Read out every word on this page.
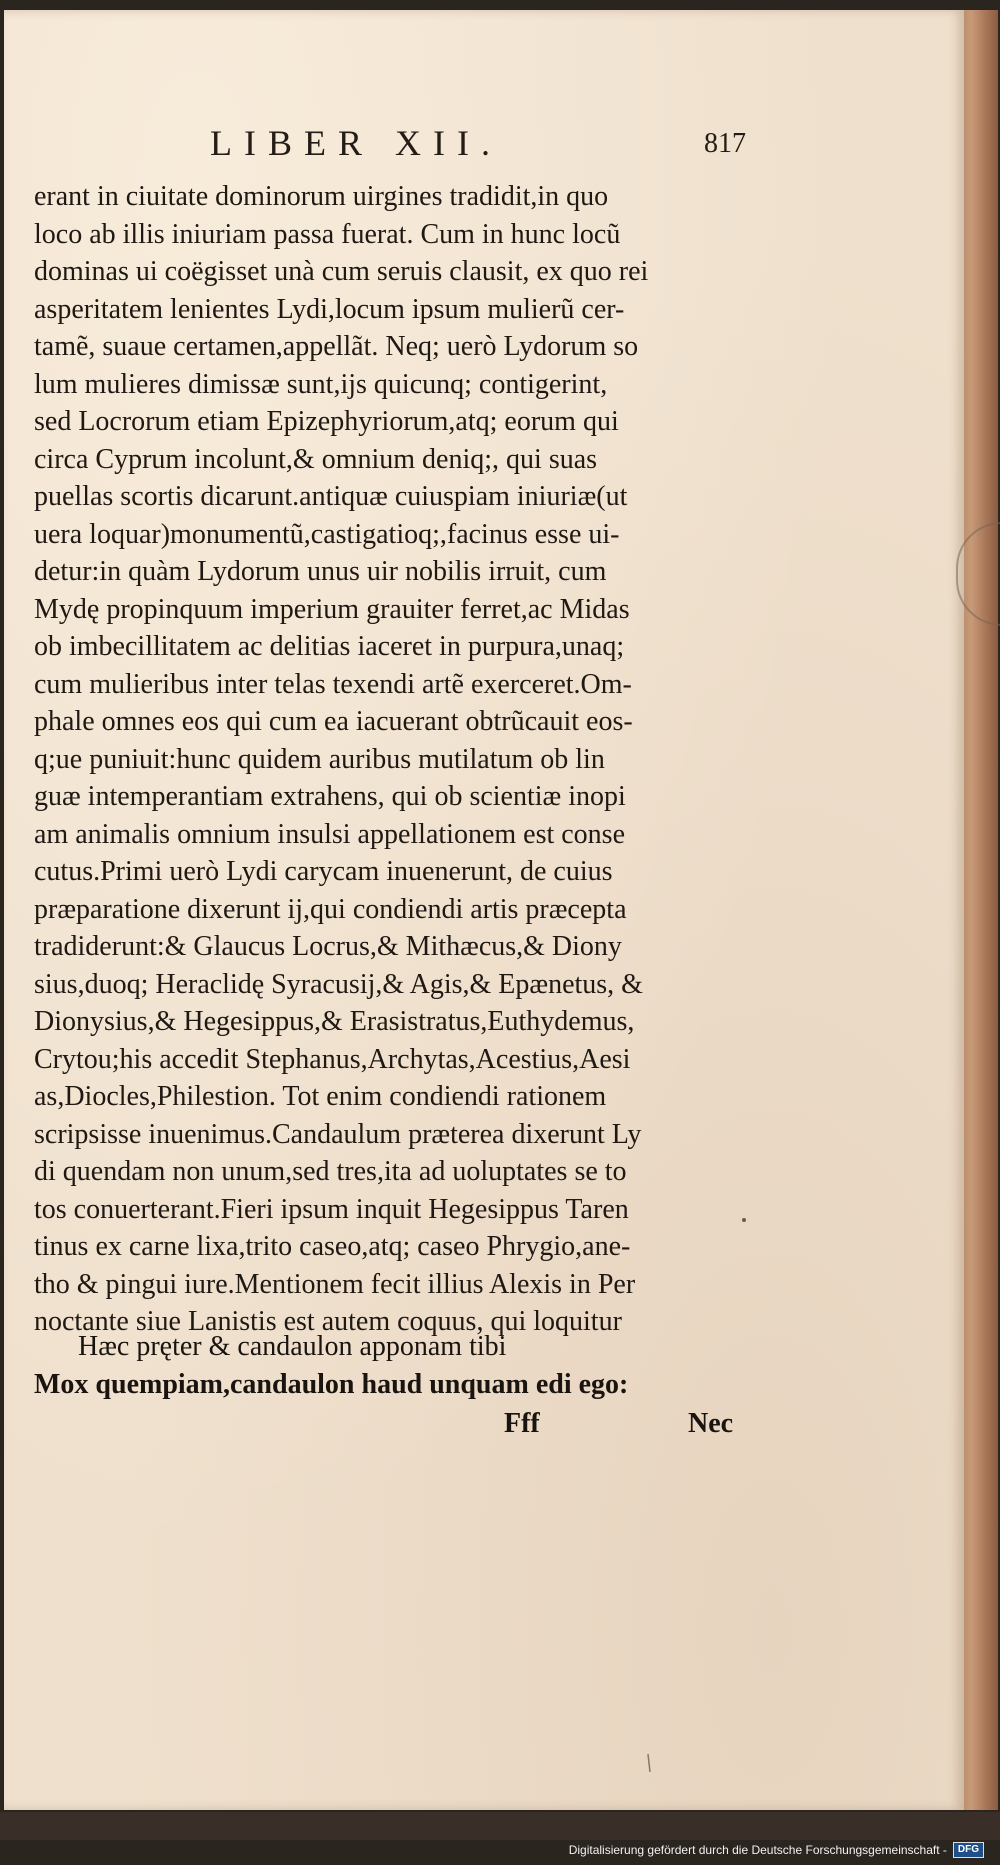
LIBER XII.	817
erant in ciuitate dominorum uirgines tradidit,in quo
loco ab illis iniuriam passa fuerat. Cum in hunc locũ
dominas ui coëgisset unà cum seruis clausit, ex quo rei
asperitatem lenientes Lydi,locum ipsum mulierũ cer-
tamẽ, suaue certamen,appellãt. Neq; uerò Lydorum so
lum mulieres dimissæ sunt,ijs quicunq; contigerint,
sed Locrorum etiam Epizephyriorum,atq; eorum qui
circa Cyprum incolunt,& omnium deniq;, qui suas
puellas scortis dicarunt.antiquæ cuiuspiam iniuriæ(ut
uera loquar)monumentũ,castigatioq;,facinus esse ui-
detur:in quàm Lydorum unus uir nobilis irruit, cum
Mydę propinquum imperium grauiter ferret,ac Midas
ob imbecillitatem ac delitias iaceret in purpura,unaq;
cum mulieribus inter telas texendi artẽ exerceret.Om-
phale omnes eos qui cum ea iacuerant obtrũcauit eos-
q;ue puniuit:hunc quidem auribus mutilatum ob lin
guæ intemperantiam extrahens, qui ob scientiæ inopi
am animalis omnium insulsi appellationem est conse
cutus.Primi uerò Lydi carycam inuenerunt, de cuius
præparatione dixerunt ij,qui condiendi artis præcepta
tradiderunt:& Glaucus Locrus,& Mithæcus,& Diony
sius,duoq; Heraclidę Syracusij,& Agis,& Epænetus, &
Dionysius,& Hegesippus,& Erasistratus,Euthydemus,
Crytou;his accedit Stephanus,Archytas,Acestius,Aesi
as,Diocles,Philestion. Tot enim condiendi rationem
scripsisse inuenimus.Candaulum præterea dixerunt Ly
di quendam non unum,sed tres,ita ad uoluptates se to
tos conuerterant.Fieri ipsum inquit Hegesippus Taren
tinus ex carne lixa,trito caseo,atq; caseo Phrygio,ane-
tho & pingui iure.Mentionem fecit illius Alexis in Per
noctante siue Lanistis est autem coquus, qui loquitur
Hæc pręter & candaulon apponam tibi
Mox quempiam,candaulon haud unquam edi ego:
Fff	Nec
Digitalisierung gefördert durch die Deutsche Forschungsgemeinschaft -	DFG
